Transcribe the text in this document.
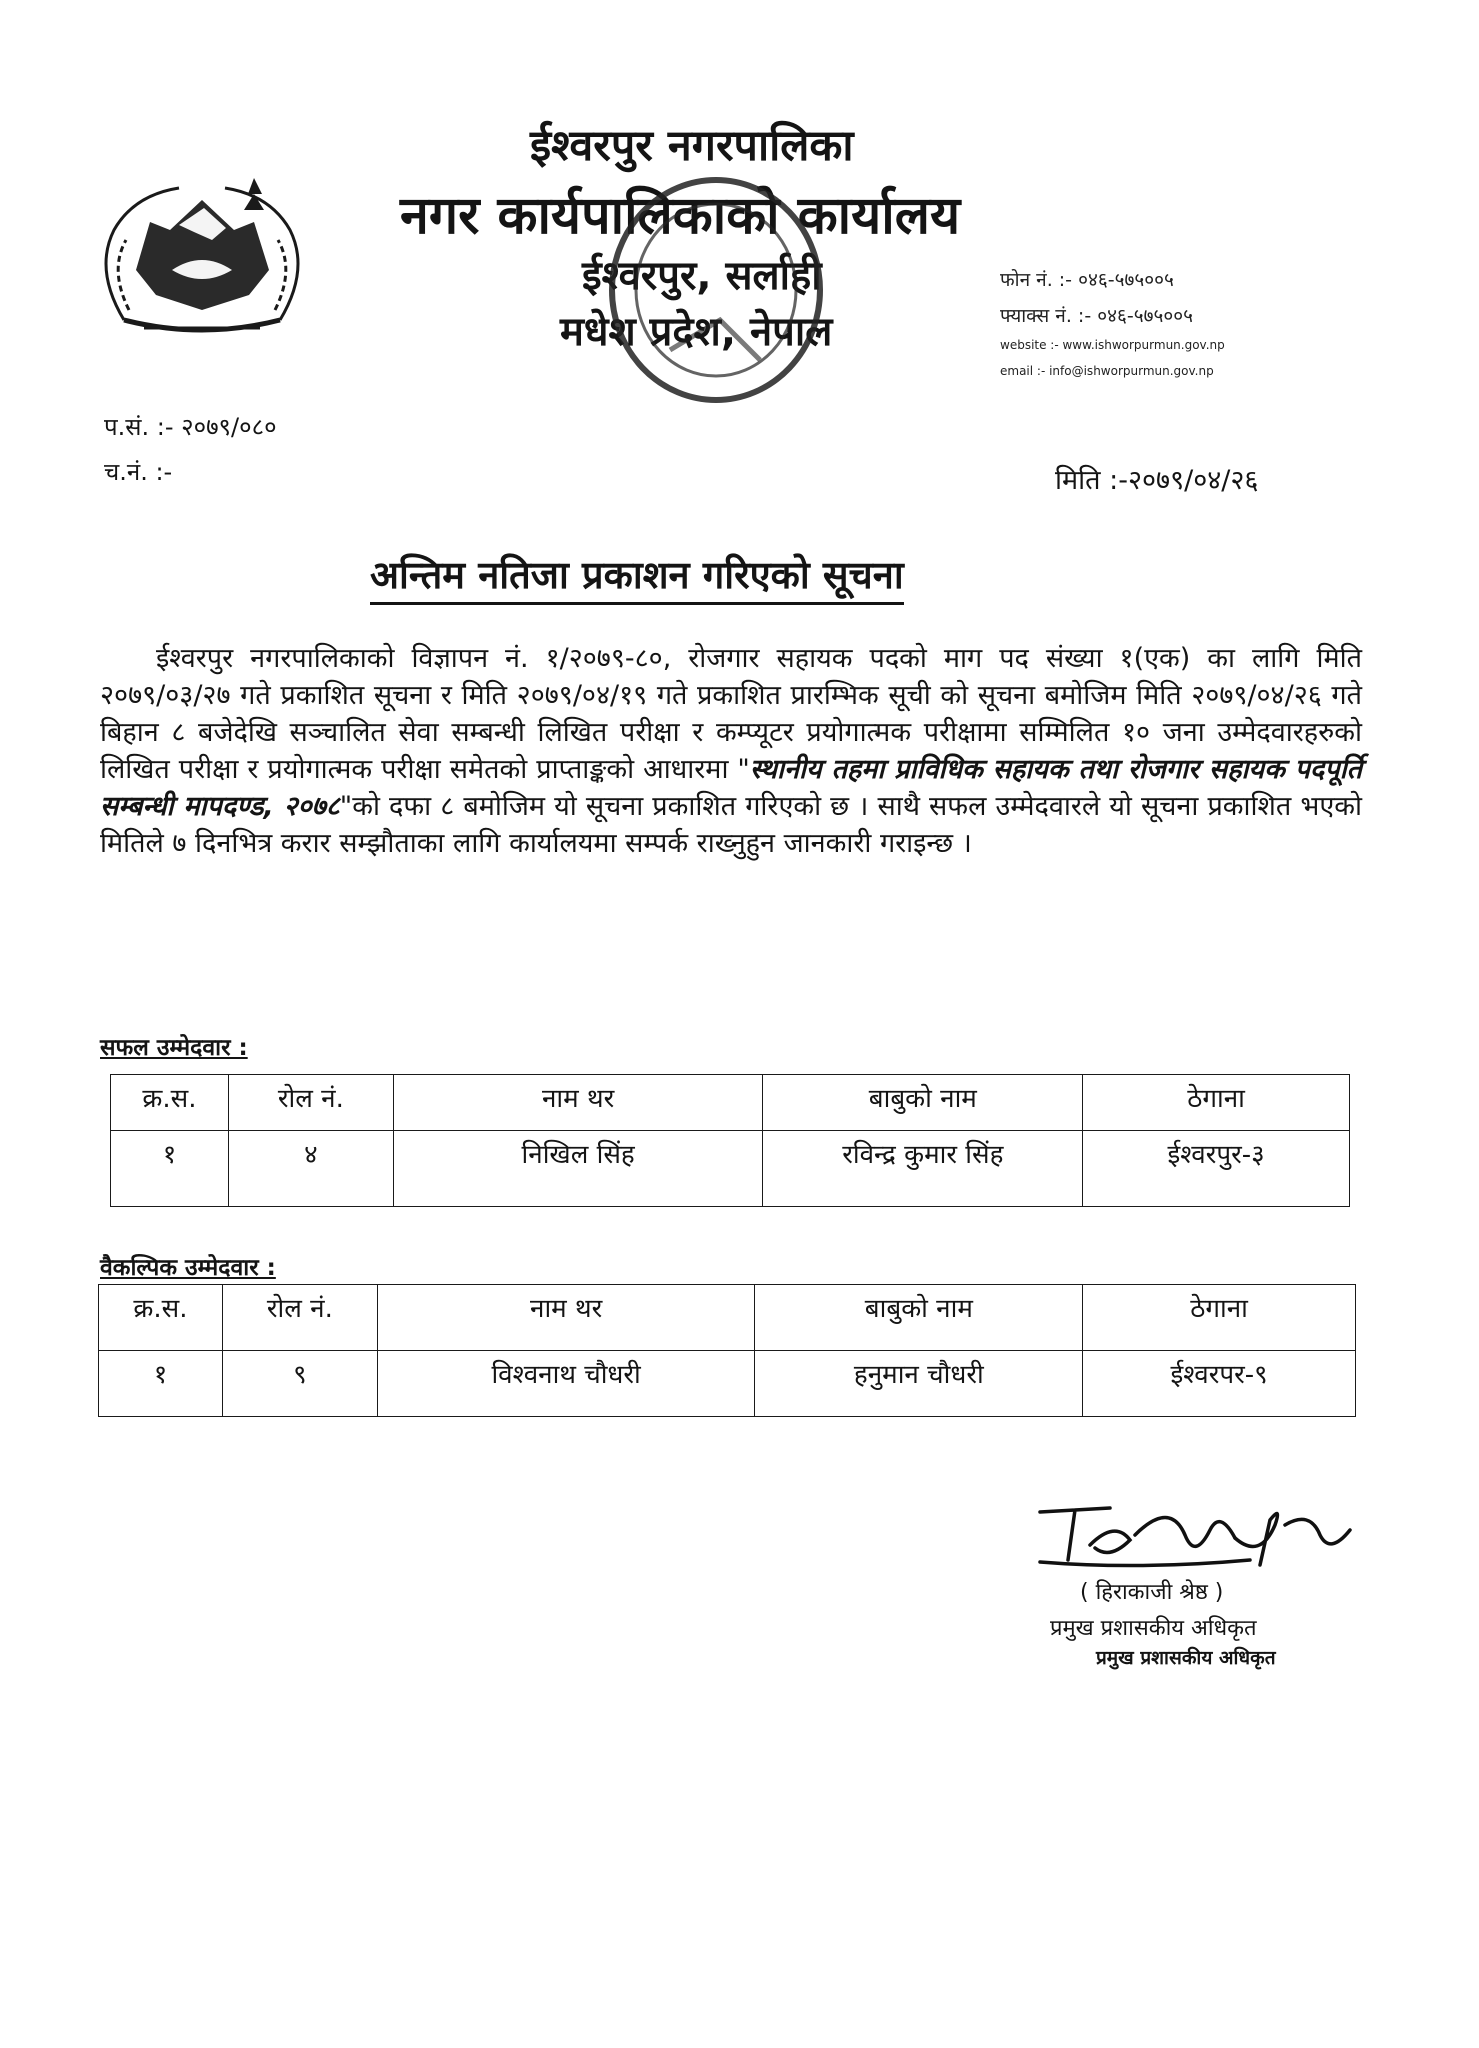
ईश्वरपुर नगरपालिका
नगर कार्यपालिकाको कार्यालय
ईश्वरपुर, सर्लाही
मधेश प्रदेश, नेपाल
फोन नं. :- ०४६-५७५००५
फ्याक्स नं. :- ०४६-५७५००५
website :- www.ishworpurmun.gov.np
email :- info@ishworpurmun.gov.np
प.सं. :- २०७९/०८०
च.नं. :-	मिति :-२०७९/०४/२६
अन्तिम नतिजा प्रकाशन गरिएको सूचना

ईश्वरपुर नगरपालिकाको विज्ञापन नं. १/२०७९-८०, रोजगार सहायक पदको माग पद संख्या १(एक) का लागि मिति २०७९/०३/२७ गते प्रकाशित सूचना र मिति २०७९/०४/१९ गते प्रकाशित प्रारम्भिक सूची को सूचना बमोजिम मिति २०७९/०४/२६ गते बिहान ८ बजेदेखि सञ्चालित सेवा सम्बन्धी लिखित परीक्षा र कम्प्यूटर प्रयोगात्मक परीक्षामा सम्मिलित १० जना उम्मेदवारहरुको लिखित परीक्षा र प्रयोगात्मक परीक्षा समेतको प्राप्ताङ्कको आधारमा "स्थानीय तहमा प्राविधिक सहायक तथा रोजगार सहायक पदपूर्ति सम्बन्धी मापदण्ड, २०७८"को दफा ८ बमोजिम यो सूचना प्रकाशित गरिएको छ । साथै सफल उम्मेदवारले यो सूचना प्रकाशित भएको मितिले ७ दिनभित्र करार सम्झौताका लागि कार्यालयमा सम्पर्क राख्नुहुन जानकारी गराइन्छ ।

सफल उम्मेदवार :
क्र.स.	रोल नं.	नाम थर	बाबुको नाम	ठेगाना
१	४	निखिल सिंह	रविन्द्र कुमार सिंह	ईश्वरपुर-३
वैकल्पिक उम्मेदवार :
क्र.स.	रोल नं.	नाम थर	बाबुको नाम	ठेगाना
१	९	विश्वनाथ चौधरी	हनुमान चौधरी	ईश्वरपर-९
( हिराकाजी श्रेष्ठ )
प्रमुख प्रशासकीय अधिकृत
प्रमुख प्रशासकीय अधिकृत
